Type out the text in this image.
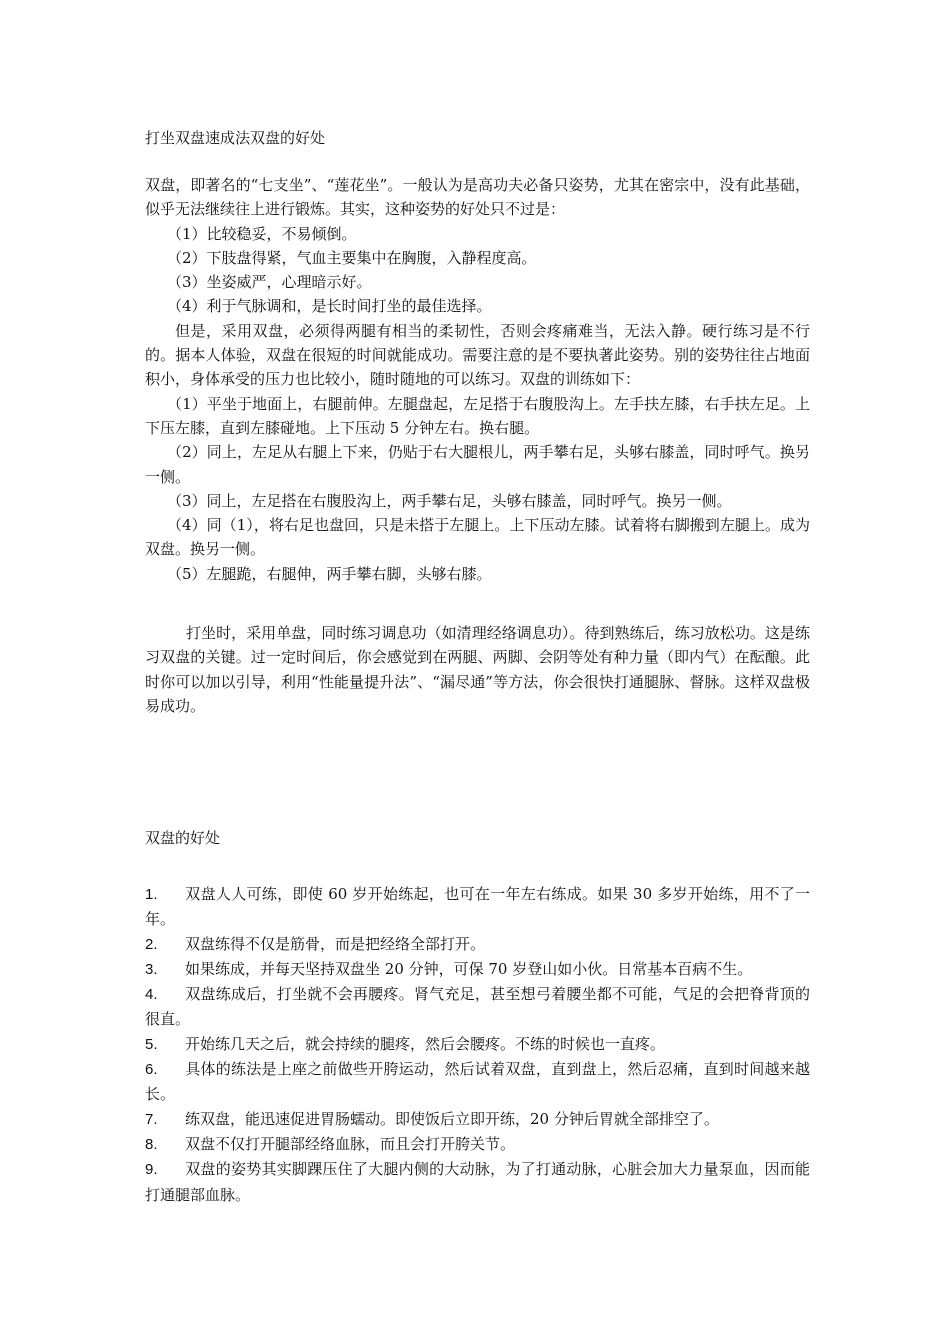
打坐双盘速成法双盘的好处

双盘，即著名的“七支坐”、“莲花坐”。一般认为是高功夫必备只姿势，尤其在密宗中，没有此基础，似乎无法继续往上进行锻炼。其实，这种姿势的好处只不过是：

（1）比较稳妥，不易倾倒。

（2）下肢盘得紧，气血主要集中在胸腹，入静程度高。

（3）坐姿威严，心理暗示好。

（4）利于气脉调和，是长时间打坐的最佳选择。

但是，采用双盘，必须得两腿有相当的柔韧性，否则会疼痛难当，无法入静。硬行练习是不行的。据本人体验，双盘在很短的时间就能成功。需要注意的是不要执著此姿势。别的姿势往往占地面积小，身体承受的压力也比较小，随时随地的可以练习。双盘的训练如下：

（1）平坐于地面上，右腿前伸。左腿盘起，左足搭于右腹股沟上。左手扶左膝，右手扶左足。上下压左膝，直到左膝碰地。上下压动 5 分钟左右。换右腿。

（2）同上，左足从右腿上下来，仍贴于右大腿根儿，两手攀右足，头够右膝盖，同时呼气。换另一侧。

（3）同上，左足搭在右腹股沟上，两手攀右足，头够右膝盖，同时呼气。换另一侧。

（4）同（1），将右足也盘回，只是未搭于左腿上。上下压动左膝。试着将右脚搬到左腿上。成为双盘。换另一侧。

（5）左腿跪，右腿伸，两手攀右脚，头够右膝。

打坐时，采用单盘，同时练习调息功（如清理经络调息功）。待到熟练后，练习放松功。这是练习双盘的关键。过一定时间后，你会感觉到在两腿、两脚、会阴等处有种力量（即内气）在酝酿。此时你可以加以引导，利用“性能量提升法”、“漏尽通”等方法，你会很快打通腿脉、督脉。这样双盘极易成功。

双盘的好处

1. 双盘人人可练，即使 60 岁开始练起，也可在一年左右练成。如果 30 多岁开始练，用不了一年。

2. 双盘练得不仅是筋骨，而是把经络全部打开。

3. 如果练成，并每天坚持双盘坐 20 分钟，可保 70 岁登山如小伙。日常基本百病不生。

4. 双盘练成后，打坐就不会再腰疼。肾气充足，甚至想弓着腰坐都不可能，气足的会把脊背顶的很直。

5. 开始练几天之后，就会持续的腿疼，然后会腰疼。不练的时候也一直疼。

6. 具体的练法是上座之前做些开胯运动，然后试着双盘，直到盘上，然后忍痛，直到时间越来越长。

7. 练双盘，能迅速促进胃肠蠕动。即使饭后立即开练，20 分钟后胃就全部排空了。

8. 双盘不仅打开腿部经络血脉，而且会打开胯关节。

9. 双盘的姿势其实脚踝压住了大腿内侧的大动脉，为了打通动脉，心脏会加大力量泵血，因而能打通腿部血脉。
